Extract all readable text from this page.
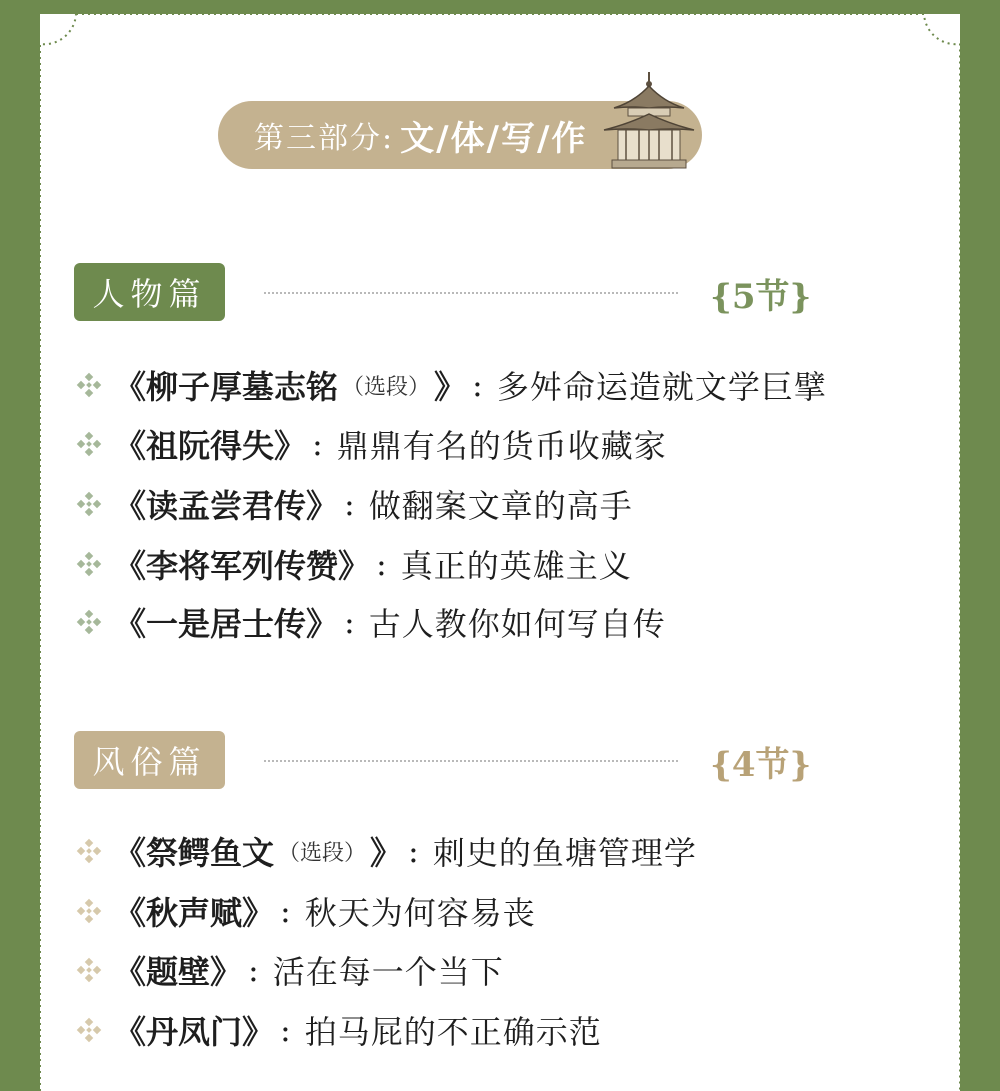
第三部分: 文/体/写/作
人物篇	{5节}
《柳子厚墓志铭 （选段） 》 : 多舛命运造就文学巨擘
《祖阮得失》 : 鼎鼎有名的货币收藏家
《读孟尝君传》 : 做翻案文章的高手
《李将军列传赞》 : 真正的英雄主义
《一是居士传》 : 古人教你如何写自传
风俗篇	{4节}
《祭鳄鱼文 （选段） 》 : 刺史的鱼塘管理学
《秋声赋》 : 秋天为何容易丧
《题壁》 : 活在每一个当下
《丹凤门》 : 拍马屁的不正确示范
